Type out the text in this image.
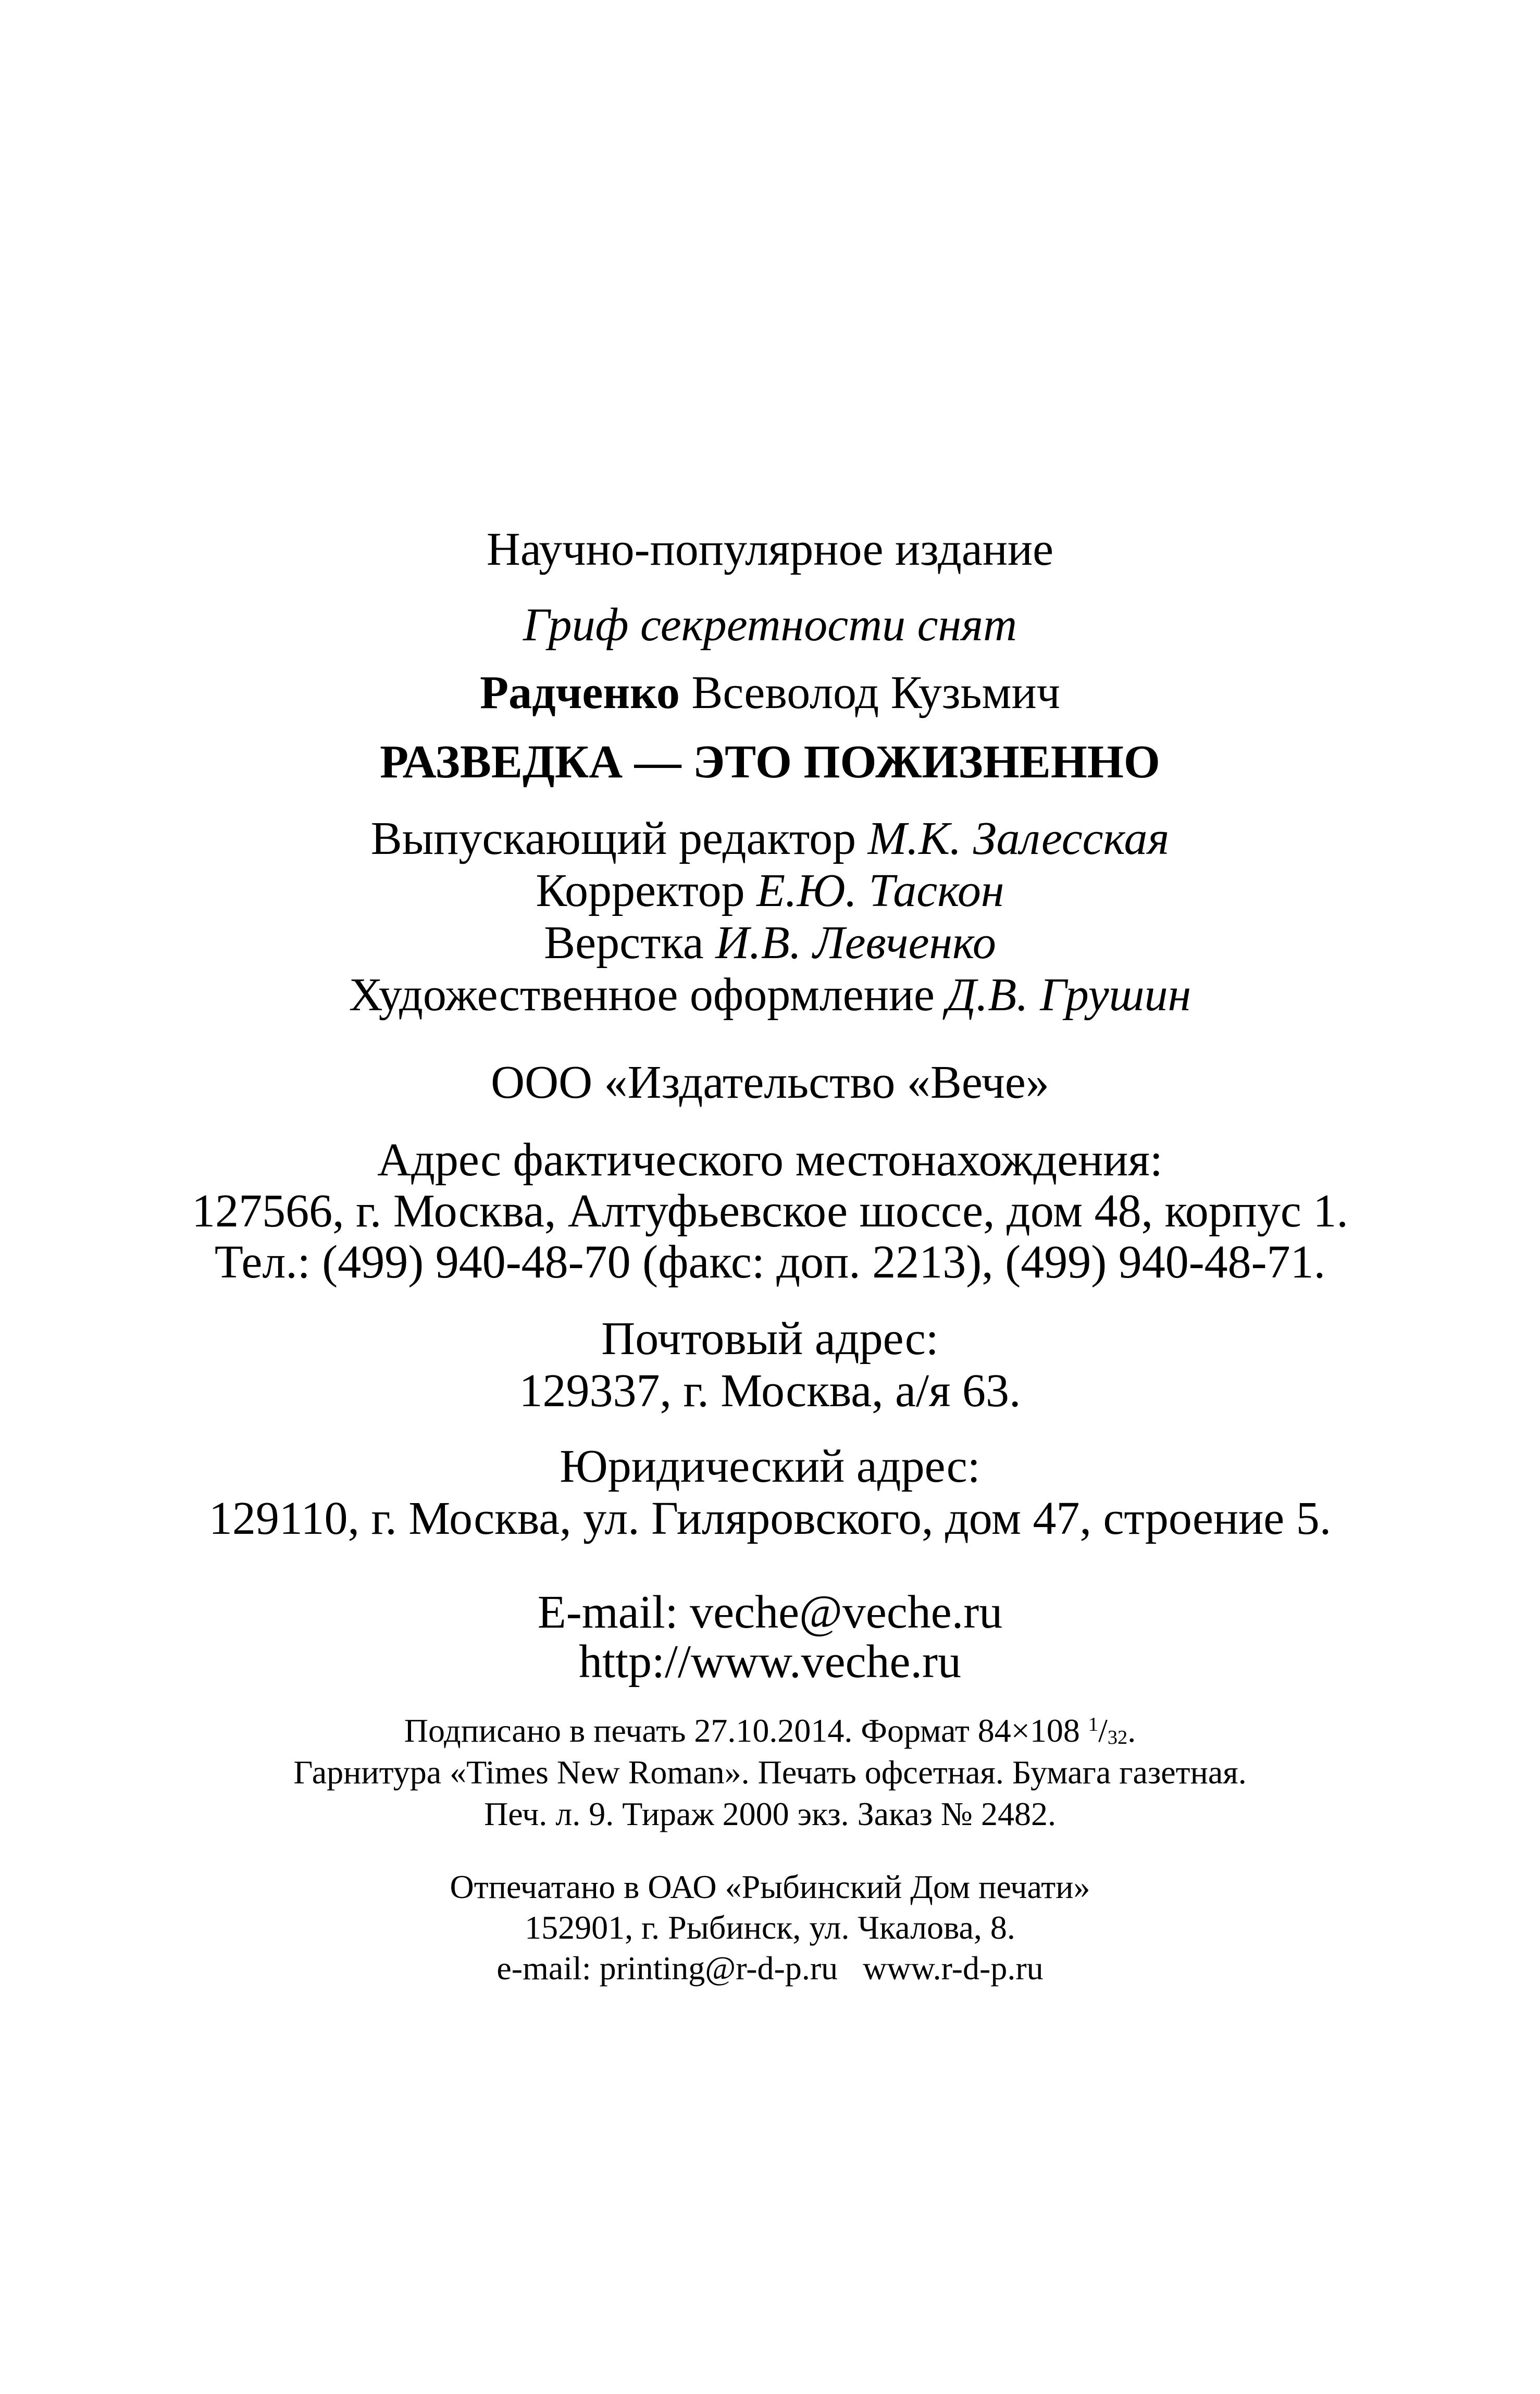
Научно-популярное издание
Гриф секретности снят
Радченко Всеволод Кузьмич
РАЗВЕДКА — ЭТО ПОЖИЗНЕННО
Выпускающий редактор М.К. Залесская
Корректор Е.Ю. Таскон
Верстка И.В. Левченко
Художественное оформление Д.В. Грушин
ООО «Издательство «Вече»
Адрес фактического местонахождения:
127566, г. Москва, Алтуфьевское шоссе, дом 48, корпус 1.
Тел.: (499) 940-48-70 (факс: доп. 2213), (499) 940-48-71.
Почтовый адрес:
129337, г. Москва, а/я 63.
Юридический адрес:
129110, г. Москва, ул. Гиляровского, дом 47, строение 5.
E-mail: veche@veche.ru
http://www.veche.ru
Подписано в печать 27.10.2014. Формат 84×108 $^1/_{32}$.
Гарнитура «Times New Roman». Печать офсетная. Бумага газетная.
Печ. л. 9. Тираж 2000 экз. Заказ № 2482.
Отпечатано в ОАО «Рыбинский Дом печати»
152901, г. Рыбинск, ул. Чкалова, 8.
e-mail: printing@r-d-p.ru   www.r-d-p.ru
